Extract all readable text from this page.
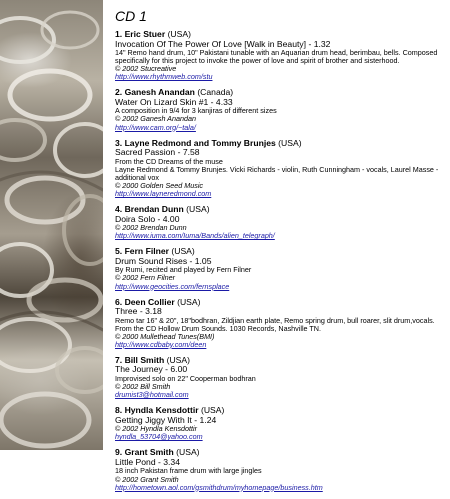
CD 1
1. Eric Stuer (USA)
Invocation Of The Power Of Love [Walk in Beauty] - 1.32
14" Remo hand drum, 10" Pakistani tunable with an Aquarian drum head, berimbau, bells. Composed specifically for this project to invoke the power of love and spirit of brother and sisterhood.
© 2002 Stucreative
http://www.rhythmweb.com/stu
2. Ganesh Anandan (Canada)
Water On Lizard Skin #1 - 4.33
A composition in 9/4 for 3 kanjiras of different sizes
© 2002 Ganesh Anandan
http://www.cam.org/~tala/
3. Layne Redmond and Tommy Brunjes (USA)
Sacred Passion - 7.58
From the CD Dreams of the muse
Layne Redmond & Tommy Brunjes. Vicki Richards - violin, Ruth Cunningham - vocals, Laurel Masse - additional vox
© 2000 Golden Seed Music
http://www.layneredmond.com
4. Brendan Dunn (USA)
Doira Solo - 4.00
© 2002 Brendan Dunn
http://www.iuma.com/Iuma/Bands/alien_telegraph/
5. Fern Filner (USA)
Drum Sound Rises - 1.05
By Rumi, recited and played by Fern Filner
© 2002 Fern Filner
http://www.geocities.com/fernsplace
6. Deen Collier (USA)
Three - 3.18
Remo tar 16" & 20", 18"bodhran, Zildjian earth plate, Remo spring drum, bull roarer, slit drum,vocals. From the CD Hollow Drum Sounds. 1030 Records, Nashville TN.
© 2000 Mullethead Tunes(BMI)
http://www.cdbaby.com/deen
7. Bill Smith (USA)
The Journey - 6.00
Improvised solo on 22" Cooperman bodhran
© 2002 Bill Smith
drumist3@hotmail.com
8. Hyndla Kensdottir (USA)
Getting Jiggy With It - 1.24
© 2002 Hyndla Kensdottir
hyndla_53704@yahoo.com
9. Grant Smith (USA)
Little Pond - 3.34
18 inch Pakistan frame drum with large jingles
© 2002 Grant Smith
http://hometown.aol.com/gsmithdrum/myhomepage/business.htm
